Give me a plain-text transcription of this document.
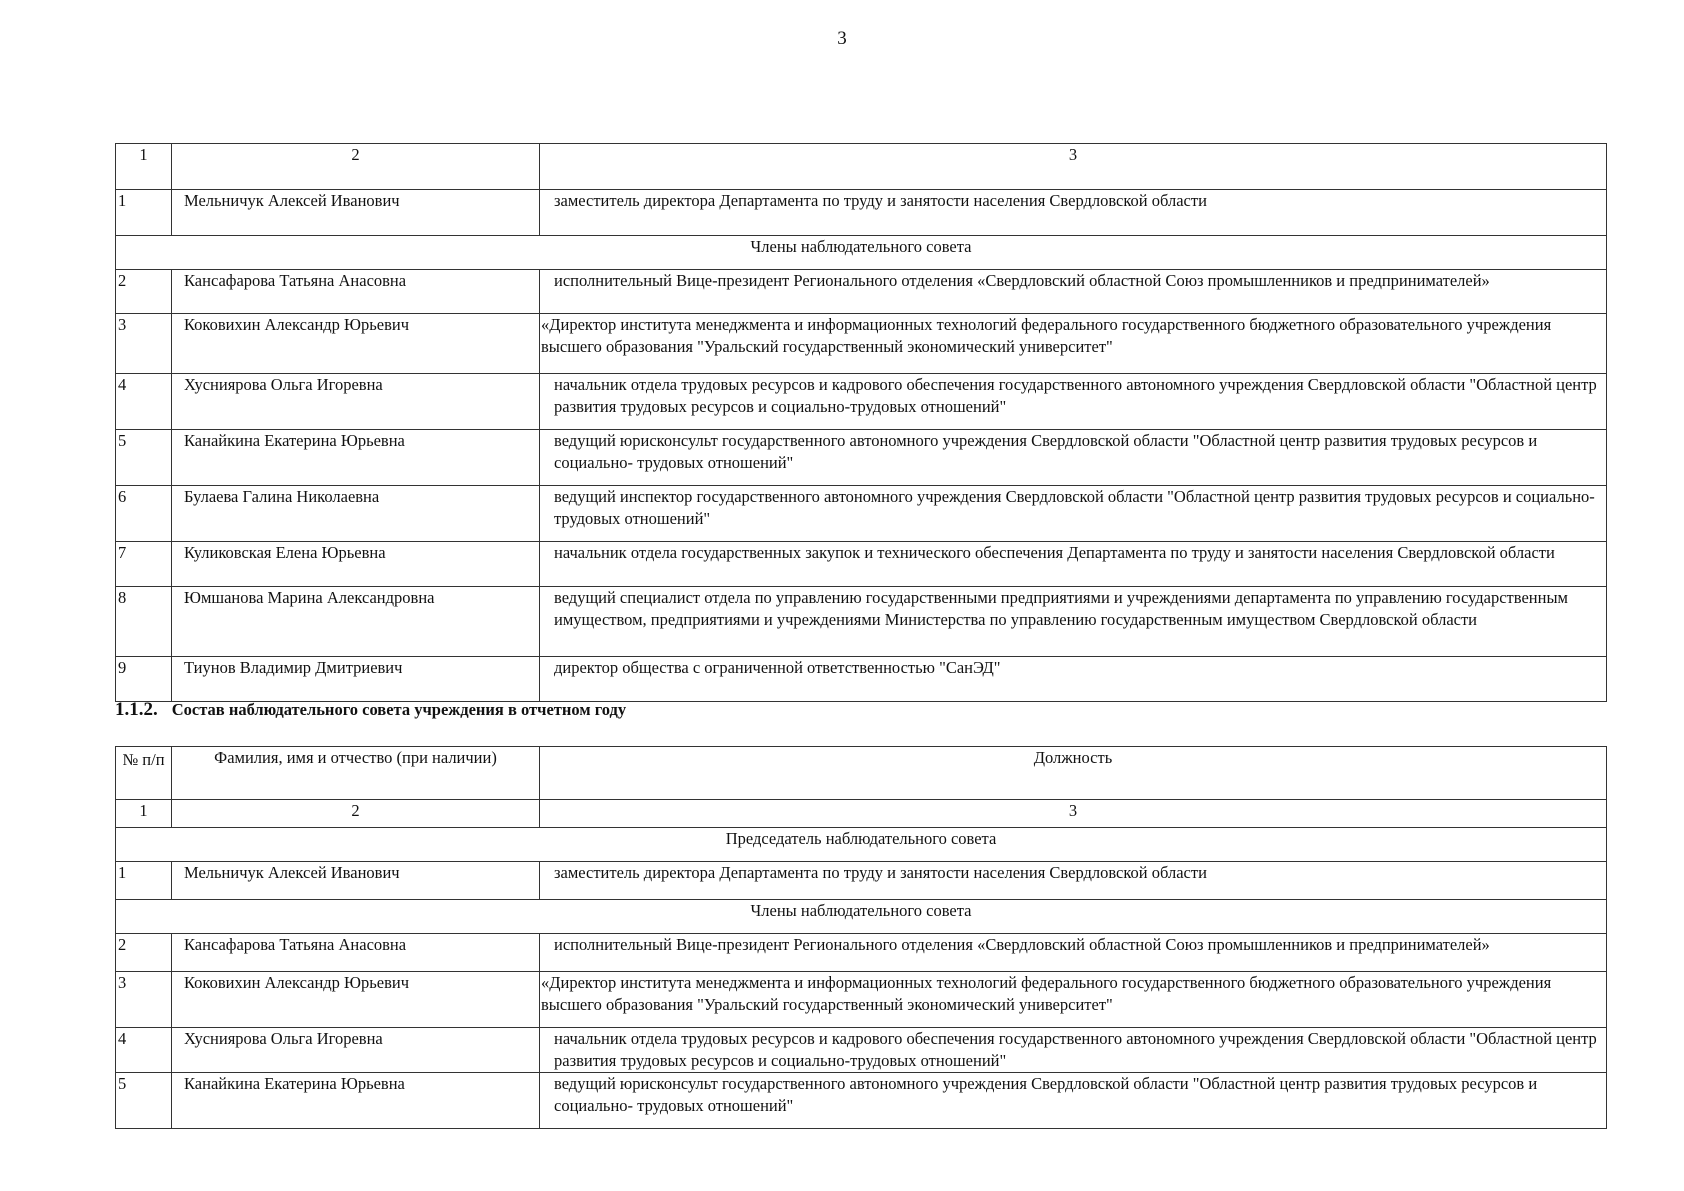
3
1	2	3
1	Мельничук Алексей Иванович	заместитель директора Департамента по труду и занятости населения Свердловской области
Члены наблюдательного совета		
2	Кансафарова Татьяна Анасовна	исполнительный Вице-президент Регионального отделения «Свердловский областной Союз промышленников и предпринимателей»
3	Коковихин Александр Юрьевич	«Директор института менеджмента и информационных технологий федерального государственного бюджетного образовательного учреждения высшего образования "Уральский государственный экономический университет"
4	Хусниярова Ольга Игоревна	начальник отдела трудовых ресурсов и кадрового обеспечения государственного автономного учреждения Свердловской области "Областной центр развития трудовых ресурсов и социально-трудовых отношений"
5	Канайкина Екатерина Юрьевна	ведущий юрисконсульт государственного автономного учреждения Свердловской области "Областной центр развития трудовых ресурсов и социально- трудовых отношений"
6	Булаева Галина Николаевна	ведущий инспектор государственного автономного учреждения Свердловской области "Областной центр развития трудовых ресурсов и социально-трудовых отношений"
7	Куликовская Елена Юрьевна	начальник отдела государственных закупок и технического обеспечения Департамента по труду и занятости населения Свердловской области
8	Юмшанова Марина Александровна	ведущий специалист отдела по управлению государственными предприятиями и учреждениями департамента по управлению государственным имуществом, предприятиями и учреждениями Министерства по управлению государственным имуществом Свердловской области
9	Тиунов Владимир Дмитриевич	директор общества с ограниченной ответственностью "СанЭД"
1.1.2. Состав наблюдательного совета учреждения в отчетном году
№ п/п	Фамилия, имя и отчество (при наличии)	Должность
1	2	3
Председатель наблюдательного совета		
1	Мельничук Алексей Иванович	заместитель директора Департамента по труду и занятости населения Свердловской области
Члены наблюдательного совета		
2	Кансафарова Татьяна Анасовна	исполнительный Вице-президент Регионального отделения «Свердловский областной Союз промышленников и предпринимателей»
3	Коковихин Александр Юрьевич	«Директор института менеджмента и информационных технологий федерального государственного бюджетного образовательного учреждения высшего образования "Уральский государственный экономический университет"
4	Хусниярова Ольга Игоревна	начальник отдела трудовых ресурсов и кадрового обеспечения государственного автономного учреждения Свердловской области "Областной центр развития трудовых ресурсов и социально-трудовых отношений"
5	Канайкина Екатерина Юрьевна	ведущий юрисконсульт государственного автономного учреждения Свердловской области "Областной центр развития трудовых ресурсов и социально- трудовых отношений"
